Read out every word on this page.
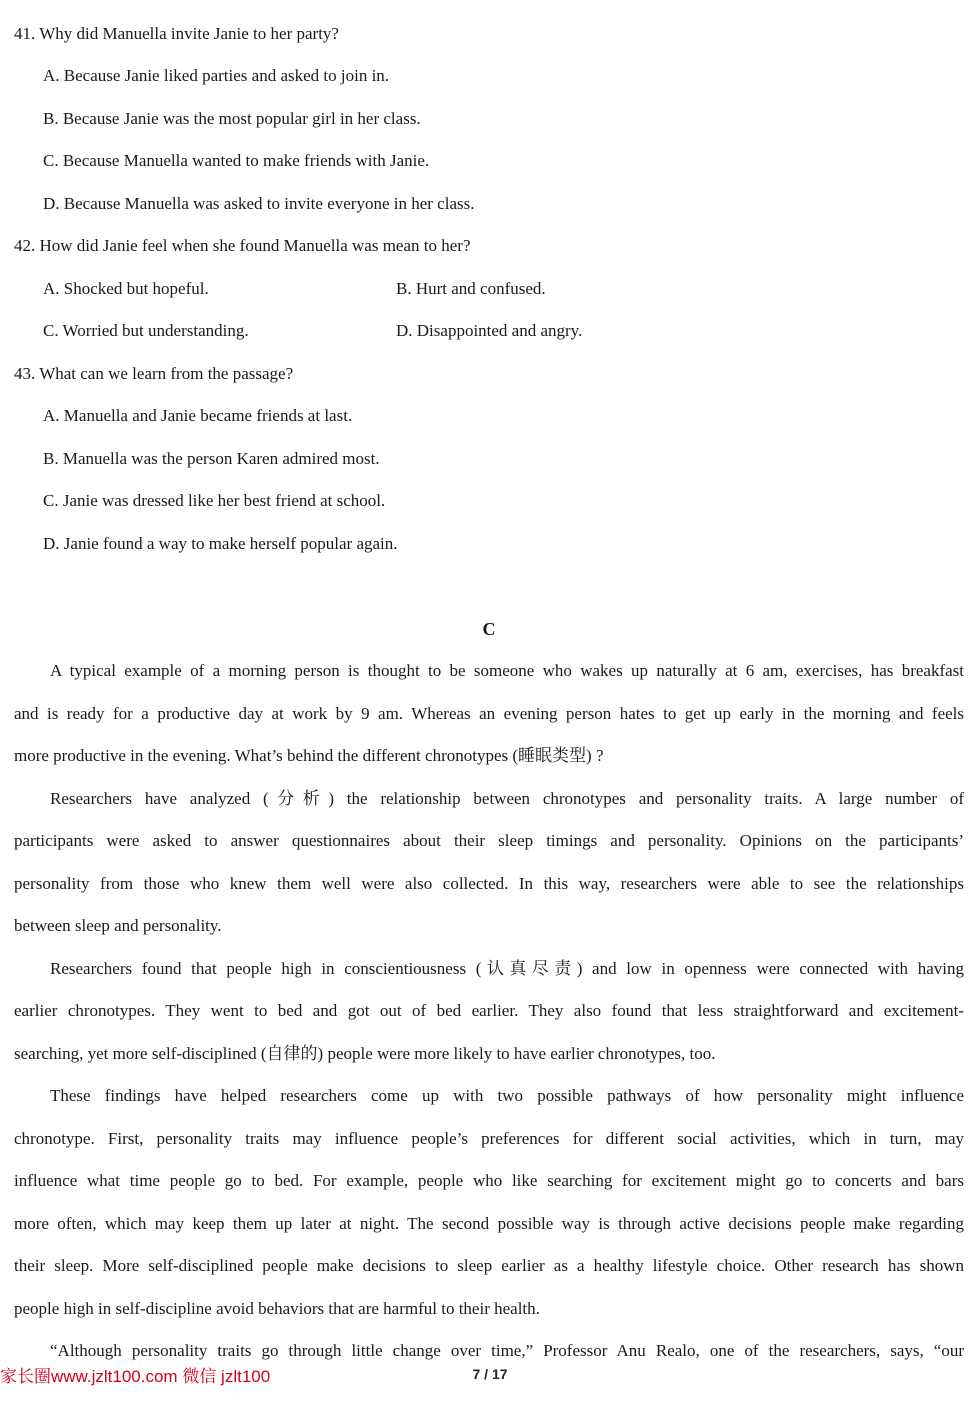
41. Why did Manuella invite Janie to her party?
A. Because Janie liked parties and asked to join in.
B. Because Janie was the most popular girl in her class.
C. Because Manuella wanted to make friends with Janie.
D. Because Manuella was asked to invite everyone in her class.
42. How did Janie feel when she found Manuella was mean to her?
A. Shocked but hopeful.	B. Hurt and confused.
C. Worried but understanding.	D. Disappointed and angry.
43. What can we learn from the passage?
A. Manuella and Janie became friends at last.
B. Manuella was the person Karen admired most.
C. Janie was dressed like her best friend at school.
D. Janie found a way to make herself popular again.
C
A typical example of a morning person is thought to be someone who wakes up naturally at 6 am, exercises, has breakfast
and is ready for a productive day at work by 9 am. Whereas an evening person hates to get up early in the morning and feels
more productive in the evening. What’s behind the different chronotypes (睡眠类型) ?
Researchers have analyzed (分析) the relationship between chronotypes and personality traits. A large number of
participants were asked to answer questionnaires about their sleep timings and personality. Opinions on the participants’
personality from those who knew them well were also collected. In this way, researchers were able to see the relationships
between sleep and personality.
Researchers found that people high in conscientiousness (认真尽责) and low in openness were connected with having
earlier chronotypes. They went to bed and got out of bed earlier. They also found that less straightforward and excitement-
searching, yet more self-disciplined (自律的) people were more likely to have earlier chronotypes, too.
These findings have helped researchers come up with two possible pathways of how personality might influence
chronotype. First, personality traits may influence people’s preferences for different social activities, which in turn, may
influence what time people go to bed. For example, people who like searching for excitement might go to concerts and bars
more often, which may keep them up later at night. The second possible way is through active decisions people make regarding
their sleep. More self-disciplined people make decisions to sleep earlier as a healthy lifestyle choice. Other research has shown
people high in self-discipline avoid behaviors that are harmful to their health.
“Although personality traits go through little change over time,” Professor Anu Realo, one of the researchers, says, “our
家长圈www.jzlt100.com 微信 jzlt100	7 / 17
